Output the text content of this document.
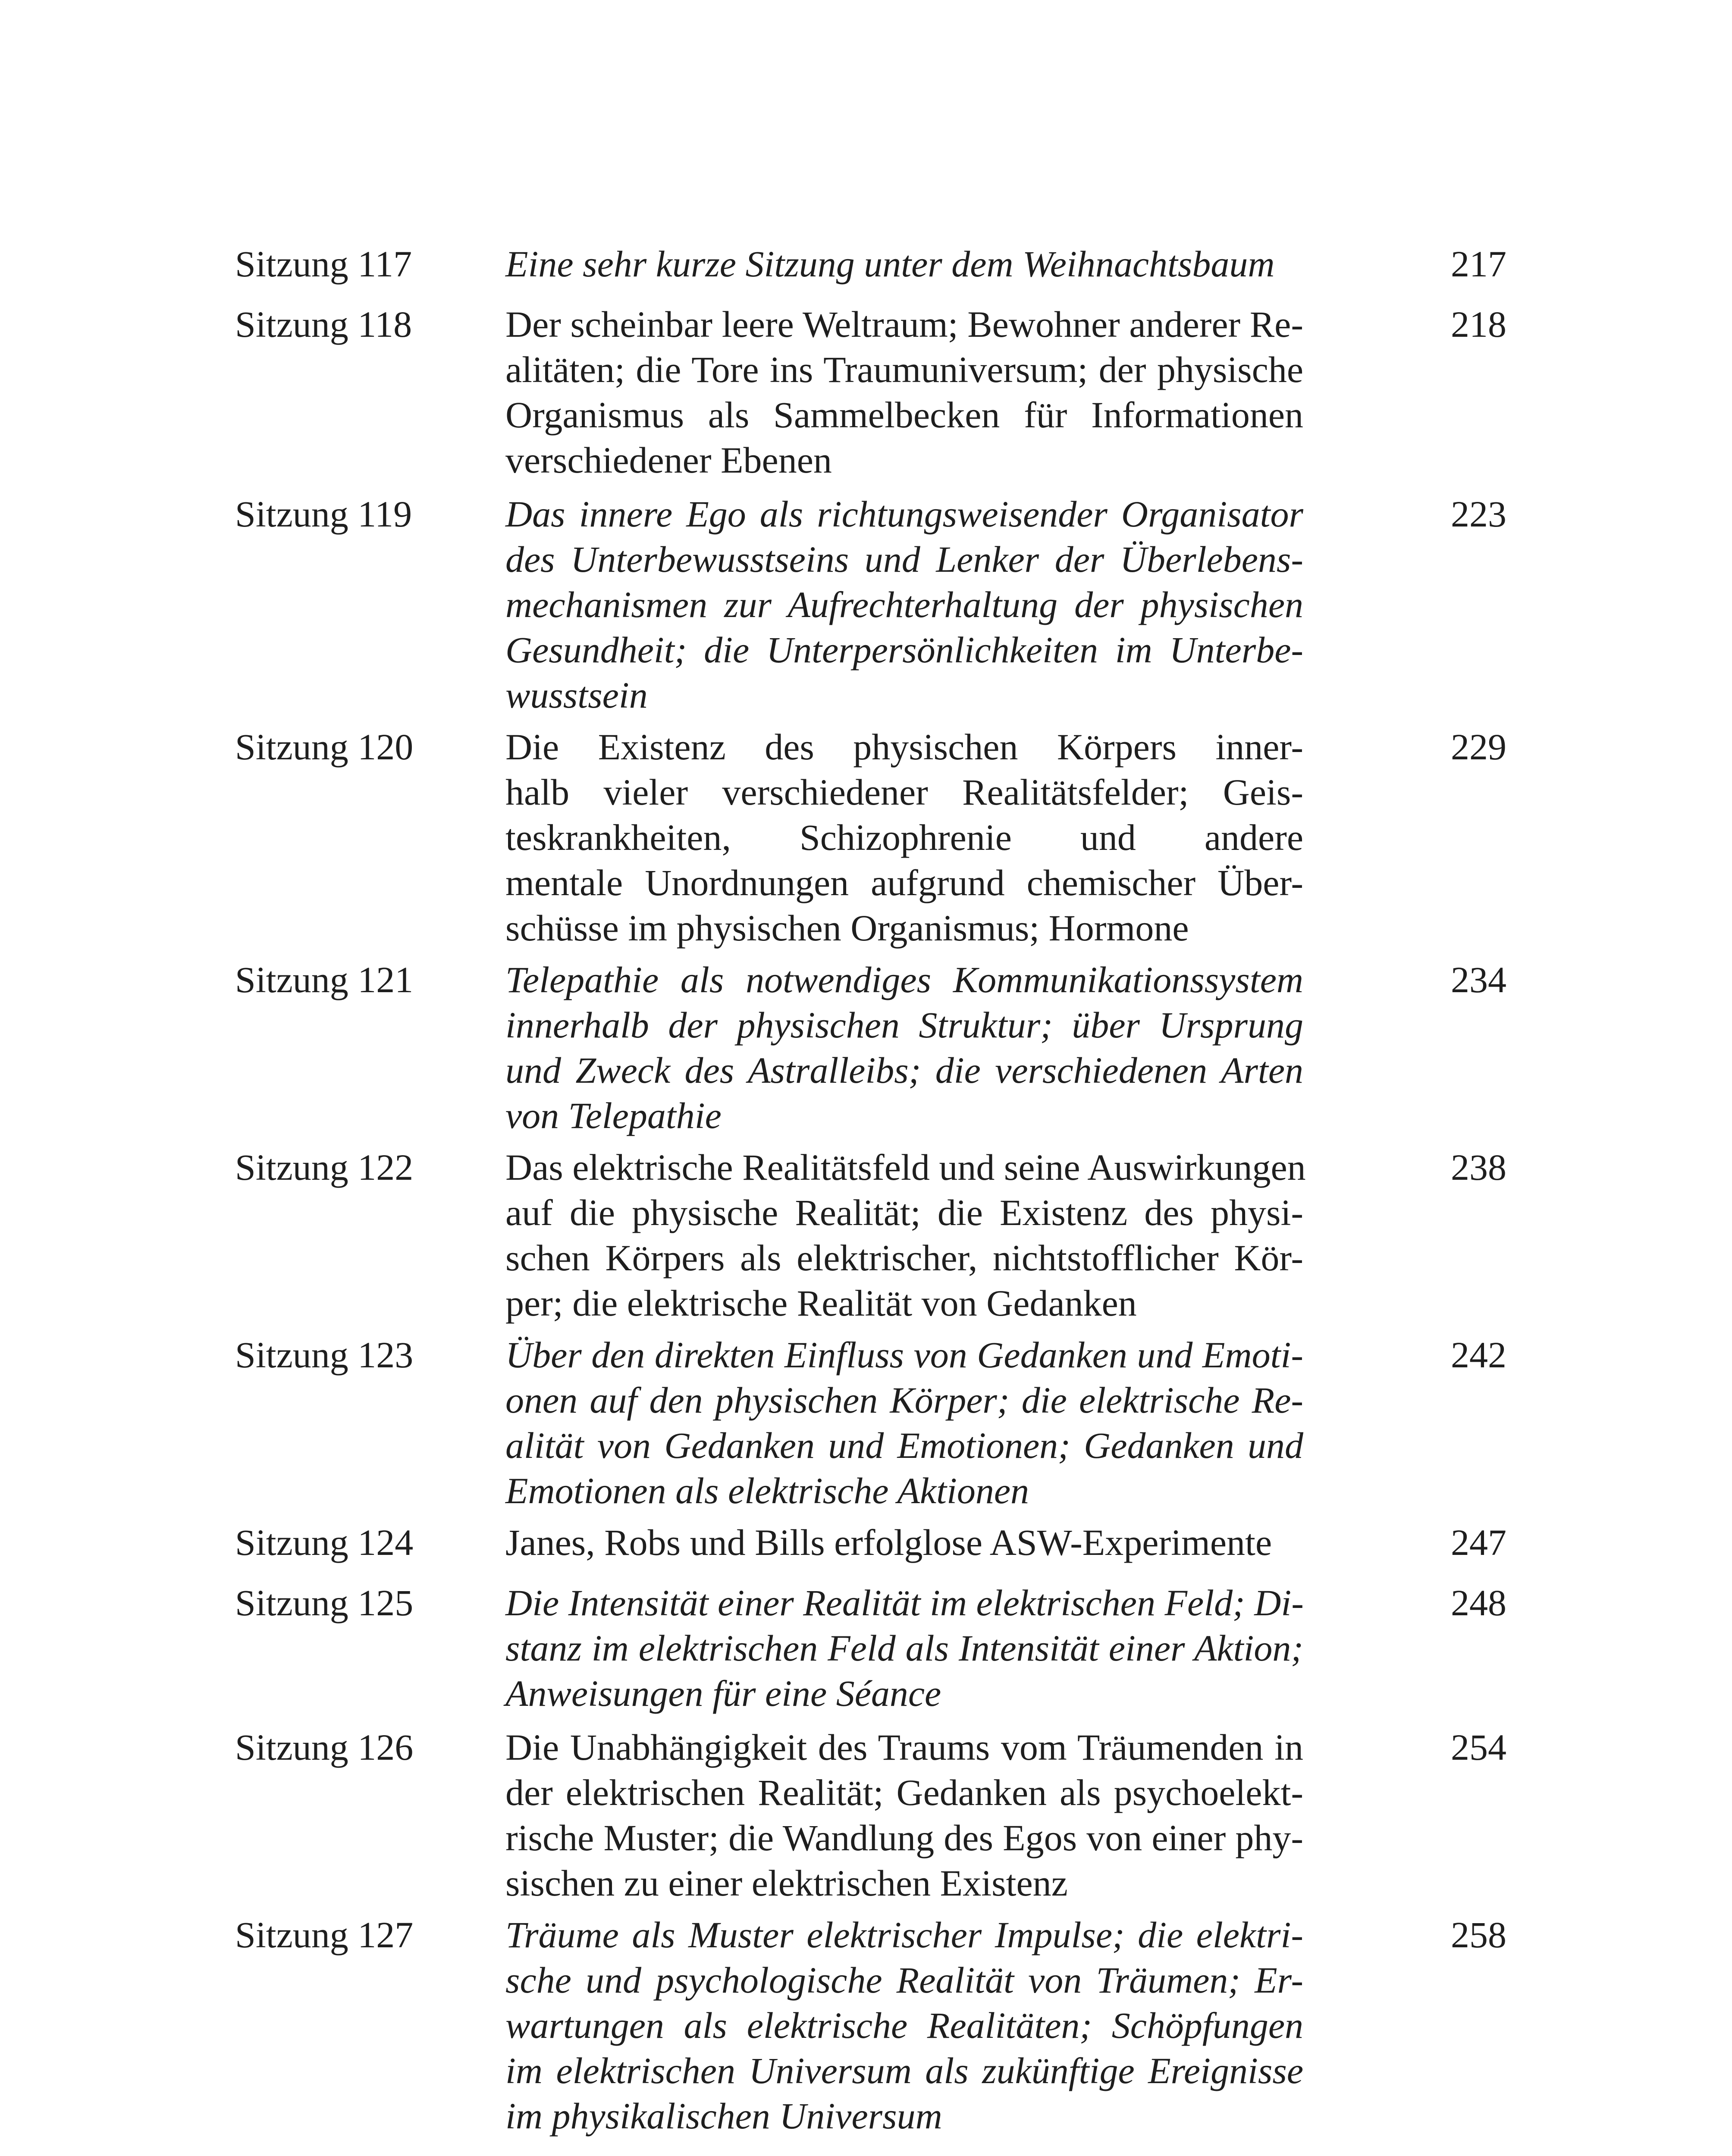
Sitzung 117	Eine sehr kurze Sitzung unter dem Weihnachtsbaum	217
Sitzung 118	Der scheinbar leere Weltraum; Bewohner anderer Re-
alitäten; die Tore ins Traumuniversum; der physische
Organismus als Sammelbecken für Informationen
verschiedener Ebenen
218
Sitzung 119	Das innere Ego als richtungsweisender Organisator
des Unterbewusstseins und Lenker der Überlebens-
mechanismen zur Aufrechterhaltung der physischen
Gesundheit; die Unterpersönlichkeiten im Unterbe-
wusstsein
223
Sitzung 120 Die Existenz des physischen Körpers inner-
halb vieler verschiedener Realitätsfelder; Geis-
teskrankheiten, Schizophrenie und andere
mentale Unordnungen aufgrund chemischer Über-
schüsse im physischen Organismus; Hormone
229
Sitzung 121 Telepathie als notwendiges Kommunikationssystem
innerhalb der physischen Struktur; über Ursprung
und Zweck des Astralleibs; die verschiedenen Arten
von Telepathie
234
Sitzung 122 Das elektrische Realitätsfeld und seine Auswirkungen
auf die physische Realität; die Existenz des physi-
schen Körpers als elektrischer, nichtstofflicher Kör-
per; die elektrische Realität von Gedanken
238
Sitzung 123 Über den direkten Einfluss von Gedanken und Emoti-
onen auf den physischen Körper; die elektrische Re-
alität von Gedanken und Emotionen; Gedanken und
Emotionen als elektrische Aktionen
242
Sitzung 124 Janes, Robs und Bills erfolglose ASW-Experimente	247
Sitzung 125 Die Intensität einer Realität im elektrischen Feld; Di-
stanz im elektrischen Feld als Intensität einer Aktion;
Anweisungen für eine Séance
248
Sitzung 126 Die Unabhängigkeit des Traums vom Träumenden in
der elektrischen Realität; Gedanken als psychoelekt-
rische Muster; die Wandlung des Egos von einer phy-
sischen zu einer elektrischen Existenz
254
Sitzung 127 Träume als Muster elektrischer Impulse; die elektri-
sche und psychologische Realität von Träumen; Er-
wartungen als elektrische Realitäten; Schöpfungen
im elektrischen Universum als zukünftige Ereignisse
im physikalischen Universum
258
